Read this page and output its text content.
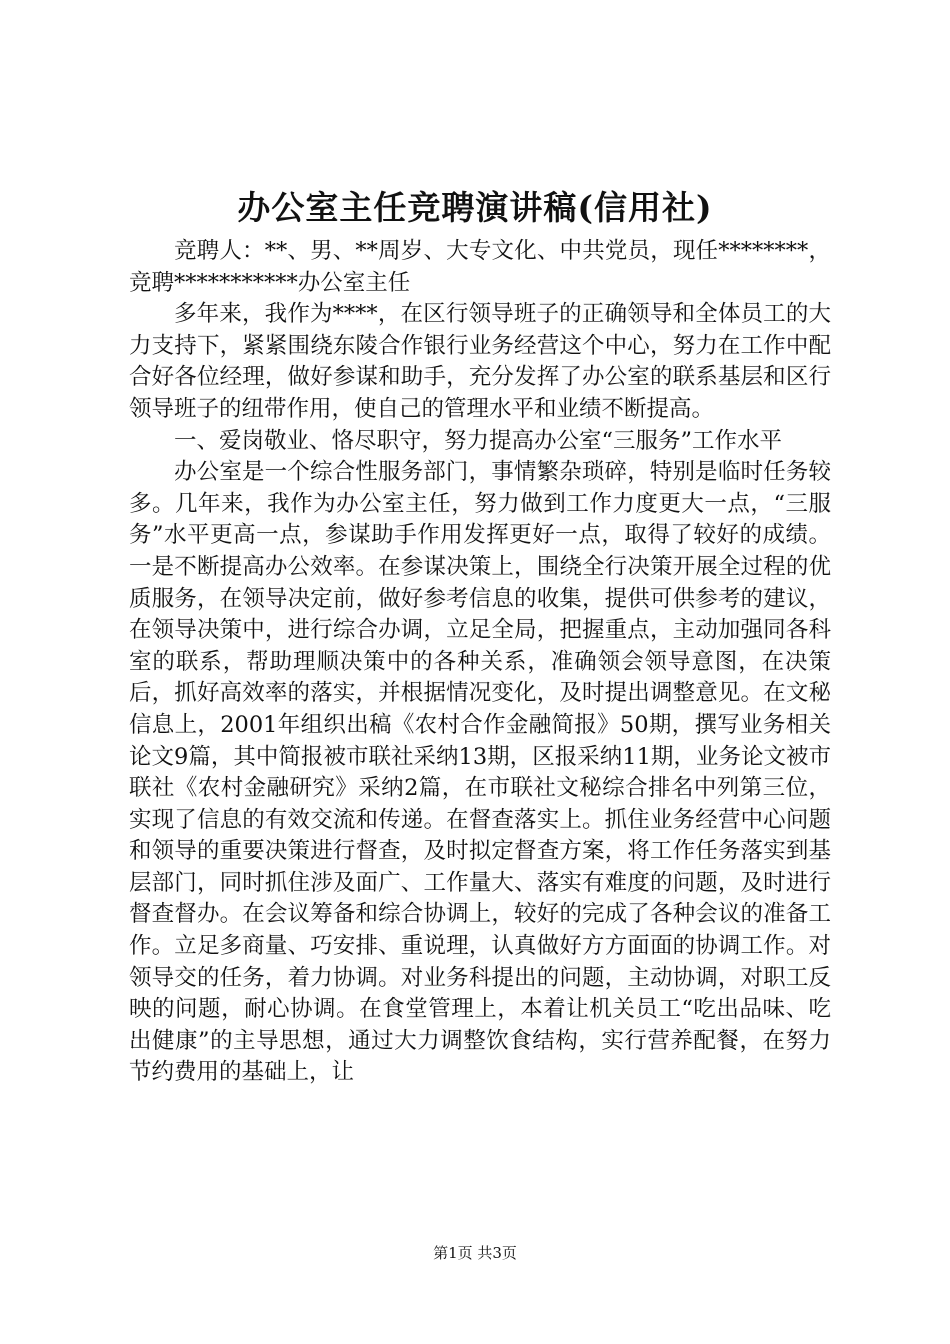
办公室主任竞聘演讲稿(信用社)

竞聘人：**、男、**周岁、大专文化、中共党员，现任********，竞聘***********办公室主任

多年来，我作为****，在区行领导班子的正确领导和全体员工的大力支持下，紧紧围绕东陵合作银行业务经营这个中心，努力在工作中配合好各位经理，做好参谋和助手，充分发挥了办公室的联系基层和区行领导班子的纽带作用，使自己的管理水平和业绩不断提高。

一、爱岗敬业、恪尽职守，努力提高办公室“三服务”工作水平

办公室是一个综合性服务部门，事情繁杂琐碎，特别是临时任务较多。几年来，我作为办公室主任，努力做到工作力度更大一点，“三服务”水平更高一点，参谋助手作用发挥更好一点，取得了较好的成绩。一是不断提高办公效率。在参谋决策上，围绕全行决策开展全过程的优质服务，在领导决定前，做好参考信息的收集，提供可供参考的建议，在领导决策中，进行综合办调，立足全局，把握重点，主动加强同各科室的联系，帮助理顺决策中的各种关系，准确领会领导意图，在决策后，抓好高效率的落实，并根据情况变化，及时提出调整意见。在文秘信息上，2001年组织出稿《农村合作金融简报》50期，撰写业务相关论文9篇，其中简报被市联社采纳13期，区报采纳11期，业务论文被市联社《农村金融研究》采纳2篇，在市联社文秘综合排名中列第三位，实现了信息的有效交流和传递。在督查落实上。抓住业务经营中心问题和领导的重要决策进行督查，及时拟定督查方案，将工作任务落实到基层部门，同时抓住涉及面广、工作量大、落实有难度的问题，及时进行督查督办。在会议筹备和综合协调上，较好的完成了各种会议的准备工作。立足多商量、巧安排、重说理，认真做好方方面面的协调工作。对领导交的任务，着力协调。对业务科提出的问题，主动协调，对职工反映的问题，耐心协调。在食堂管理上，本着让机关员工“吃出品味、吃出健康”的主导思想，通过大力调整饮食结构，实行营养配餐，在努力节约费用的基础上，让

第1页 共3页
